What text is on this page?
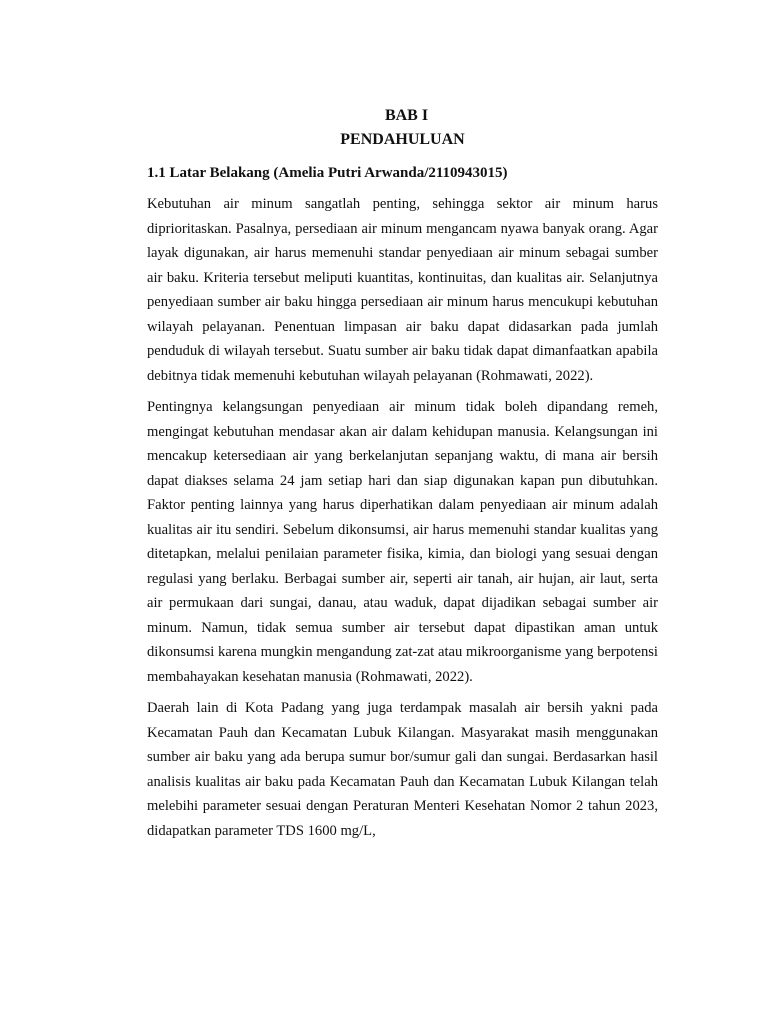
BAB I

PENDAHULUAN

1.1 Latar Belakang (Amelia Putri Arwanda/2110943015)

Kebutuhan air minum sangatlah penting, sehingga sektor air minum harus diprioritaskan. Pasalnya, persediaan air minum mengancam nyawa banyak orang. Agar layak digunakan, air harus memenuhi standar penyediaan air minum sebagai sumber air baku. Kriteria tersebut meliputi kuantitas, kontinuitas, dan kualitas air. Selanjutnya penyediaan sumber air baku hingga persediaan air minum harus mencukupi kebutuhan wilayah pelayanan. Penentuan limpasan air baku dapat didasarkan pada jumlah penduduk di wilayah tersebut. Suatu sumber air baku tidak dapat dimanfaatkan apabila debitnya tidak memenuhi kebutuhan wilayah pelayanan (Rohmawati, 2022).

Pentingnya kelangsungan penyediaan air minum tidak boleh dipandang remeh, mengingat kebutuhan mendasar akan air dalam kehidupan manusia. Kelangsungan ini mencakup ketersediaan air yang berkelanjutan sepanjang waktu, di mana air bersih dapat diakses selama 24 jam setiap hari dan siap digunakan kapan pun dibutuhkan. Faktor penting lainnya yang harus diperhatikan dalam penyediaan air minum adalah kualitas air itu sendiri. Sebelum dikonsumsi, air harus memenuhi standar kualitas yang ditetapkan, melalui penilaian parameter fisika, kimia, dan biologi yang sesuai dengan regulasi yang berlaku. Berbagai sumber air, seperti air tanah, air hujan, air laut, serta air permukaan dari sungai, danau, atau waduk, dapat dijadikan sebagai sumber air minum. Namun, tidak semua sumber air tersebut dapat dipastikan aman untuk dikonsumsi karena mungkin mengandung zat-zat atau mikroorganisme yang berpotensi membahayakan kesehatan manusia (Rohmawati, 2022).

Daerah lain di Kota Padang yang juga terdampak masalah air bersih yakni pada Kecamatan Pauh dan Kecamatan Lubuk Kilangan. Masyarakat masih menggunakan sumber air baku yang ada berupa sumur bor/sumur gali dan sungai. Berdasarkan hasil analisis kualitas air baku pada Kecamatan Pauh dan Kecamatan Lubuk Kilangan telah melebihi parameter sesuai dengan Peraturan Menteri Kesehatan Nomor 2 tahun 2023, didapatkan parameter TDS 1600 mg/L,
